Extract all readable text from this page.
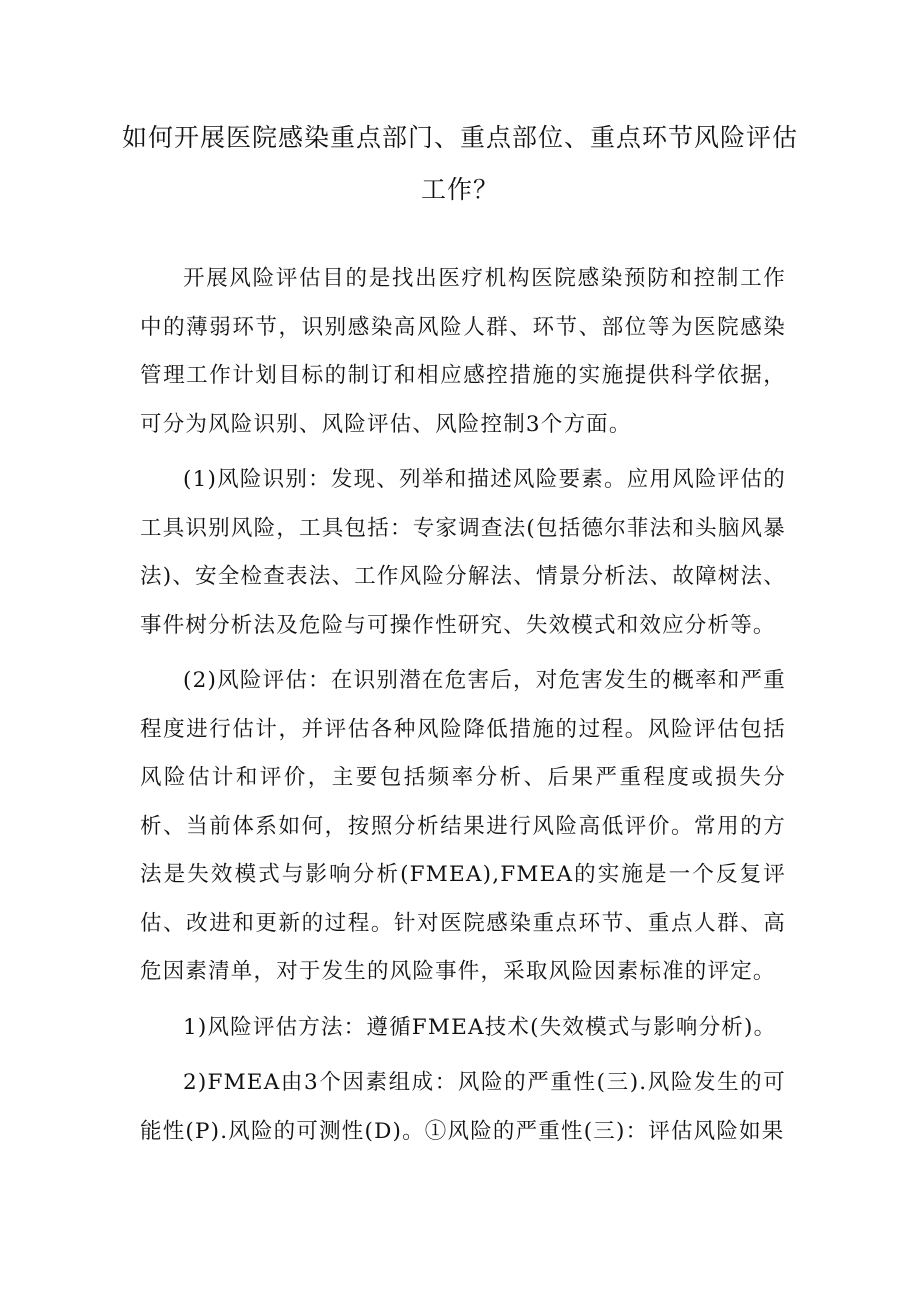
如何开展医院感染重点部门、重点部位、重点环节风险评估工作？

开展风险评估目的是找出医疗机构医院感染预防和控制工作中的薄弱环节，识别感染高风险人群、环节、部位等为医院感染管理工作计划目标的制订和相应感控措施的实施提供科学依据，可分为风险识别、风险评估、风险控制3个方面。

(1)风险识别：发现、列举和描述风险要素。应用风险评估的工具识别风险，工具包括：专家调查法(包括德尔菲法和头脑风暴法)、安全检查表法、工作风险分解法、情景分析法、故障树法、事件树分析法及危险与可操作性研究、失效模式和效应分析等。

(2)风险评估：在识别潜在危害后，对危害发生的概率和严重程度进行估计，并评估各种风险降低措施的过程。风险评估包括风险估计和评价，主要包括频率分析、后果严重程度或损失分析、当前体系如何，按照分析结果进行风险高低评价。常用的方法是失效模式与影响分析(FMEA),FMEA的实施是一个反复评估、改进和更新的过程。针对医院感染重点环节、重点人群、高危因素清单，对于发生的风险事件，采取风险因素标准的评定。

1)风险评估方法：遵循FMEA技术(失效模式与影响分析)。

2)FMEA由3个因素组成：风险的严重性(三).风险发生的可能性(P).风险的可测性(D)。①风险的严重性(三)：评估风险如果
